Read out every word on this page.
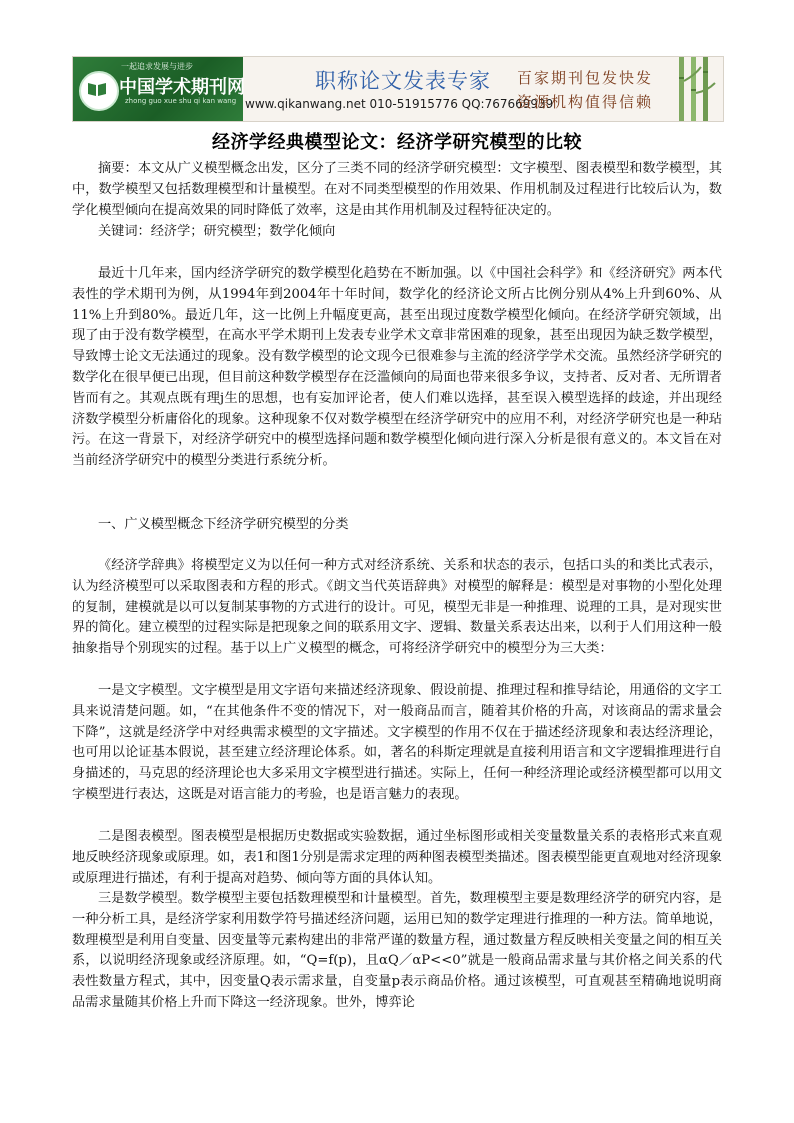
一起追求发展与进步
中国学术期刊网
zhong guo xue shu qi kan wang
职称论文发表专家
www.qikanwang.net 010-51915776 QQ:767669939
百家期刊包发快发
资源机构值得信赖
经济学经典模型论文：经济学研究模型的比较

摘要：本文从广义模型概念出发，区分了三类不同的经济学研究模型：文字模型、图表模型和数学模型，其中，数学模型又包括数理模型和计量模型。在对不同类型模型的作用效果、作用机制及过程进行比较后认为，数学化模型倾向在提高效果的同时降低了效率，这是由其作用机制及过程特征决定的。

关键词：经济学；研究模型；数学化倾向

最近十几年来，国内经济学研究的数学模型化趋势在不断加强。以《中国社会科学》和《经济研究》两本代表性的学术期刊为例，从1994年到2004年十年时间，数学化的经济论文所占比例分别从4%上升到60%、从11%上升到80%。最近几年，这一比例上升幅度更高，甚至出现过度数学模型化倾向。在经济学研究领域，出现了由于没有数学模型，在高水平学术期刊上发表专业学术文章非常困难的现象，甚至出现因为缺乏数学模型，导致博士论文无法通过的现象。没有数学模型的论文现今已很难参与主流的经济学学术交流。虽然经济学研究的数学化在很早便已出现，但目前这种数学模型存在泛滥倾向的局面也带来很多争议，支持者、反对者、无所谓者皆而有之。其观点既有理j生的思想，也有妄加评论者，使人们难以选择，甚至误入模型选择的歧途，并出现经济数学模型分析庸俗化的现象。这种现象不仅对数学模型在经济学研究中的应用不利，对经济学研究也是一种玷污。在这一背景下，对经济学研究中的模型选择问题和数学模型化倾向进行深入分析是很有意义的。本文旨在对当前经济学研究中的模型分类进行系统分析。

一、广义模型概念下经济学研究模型的分类

《经济学辞典》将模型定义为以任何一种方式对经济系统、关系和状态的表示，包括口头的和类比式表示，认为经济模型可以采取图表和方程的形式。《朗文当代英语辞典》对模型的解释是：模型是对事物的小型化处理的复制，建模就是以可以复制某事物的方式进行的设计。可见，模型无非是一种推理、说理的工具，是对现实世界的简化。建立模型的过程实际是把现象之间的联系用文字、逻辑、数量关系表达出来，以利于人们用这种一般抽象指导个别现实的过程。基于以上广义模型的概念，可将经济学研究中的模型分为三大类：

一是文字模型。文字模型是用文字语句来描述经济现象、假设前提、推理过程和推导结论，用通俗的文字工具来说清楚问题。如，“在其他条件不变的情况下，对一般商品而言，随着其价格的升高，对该商品的需求量会下降”，这就是经济学中对经典需求模型的文字描述。文字模型的作用不仅在于描述经济现象和表达经济理论，也可用以论证基本假说，甚至建立经济理论体系。如，著名的科斯定理就是直接利用语言和文字逻辑推理进行自身描述的，马克思的经济理论也大多采用文字模型进行描述。实际上，任何一种经济理论或经济模型都可以用文字模型进行表达，这既是对语言能力的考验，也是语言魅力的表现。

二是图表模型。图表模型是根据历史数据或实验数据，通过坐标图形或相关变量数量关系的表格形式来直观地反映经济现象或原理。如，表1和图1分别是需求定理的两种图表模型类描述。图表模型能更直观地对经济现象或原理进行描述，有利于提高对趋势、倾向等方面的具体认知。

三是数学模型。数学模型主要包括数理模型和计量模型。首先，数理模型主要是数理经济学的研究内容，是一种分析工具，是经济学家利用数学符号描述经济问题，运用已知的数学定理进行推理的一种方法。简单地说，数理模型是利用自变量、因变量等元素构建出的非常严谨的数量方程，通过数量方程反映相关变量之间的相互关系，以说明经济现象或经济原理。如，“Q=f(p)，且αQ／αP<<0”就是一般商品需求量与其价格之间关系的代表性数量方程式，其中，因变量Q表示需求量，自变量p表示商品价格。通过该模型，可直观甚至精确地说明商品需求量随其价格上升而下降这一经济现象。世外，博弈论
